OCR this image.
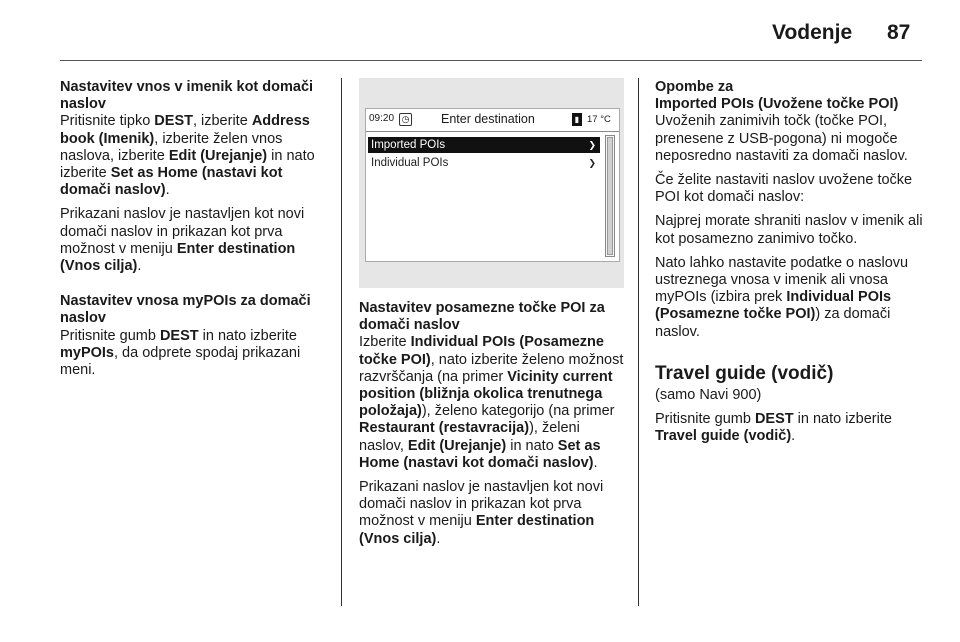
Vodenje 87

Nastavitev vnos v imenik kot domači naslov

Pritisnite tipko DEST, izberite Address book (Imenik), izberite želen vnos naslova, izberite Edit (Urejanje) in nato izberite Set as Home (nastavi kot domači naslov).

Prikazani naslov je nastavljen kot novi domači naslov in prikazan kot prva možnost v meniju Enter destination (Vnos cilja).

Nastavitev vnosa myPOIs za domači naslov

Pritisnite gumb DEST in nato izberite myPOIs, da odprete spodaj prikazani meni.

09:20 ◷	Enter destination	▮ 17 °C
Imported POIs	❯
Individual POIs	❯

Nastavitev posamezne točke POI za domači naslov

Izberite Individual POIs (Posamezne točke POI), nato izberite želeno možnost razvrščanja (na primer Vicinity current position (bližnja okolica trenutnega položaja)), želeno kategorijo (na primer Restaurant (restavracija)), želeni naslov, Edit (Urejanje) in nato Set as Home (nastavi kot domači naslov).

Prikazani naslov je nastavljen kot novi domači naslov in prikazan kot prva možnost v meniju Enter destination (Vnos cilja).

Opombe za

Imported POIs (Uvožene točke POI)

Uvoženih zanimivih točk (točke POI, prenesene z USB-pogona) ni mogoče neposredno nastaviti za domači naslov.

Če želite nastaviti naslov uvožene točke POI kot domači naslov:

Najprej morate shraniti naslov v imenik ali kot posamezno zanimivo točko.

Nato lahko nastavite podatke o naslovu ustreznega vnosa v imenik ali vnosa myPOIs (izbira prek Individual POIs (Posamezne točke POI)) za domači naslov.

Travel guide (vodič)

(samo Navi 900)

Pritisnite gumb DEST in nato izberite Travel guide (vodič).
